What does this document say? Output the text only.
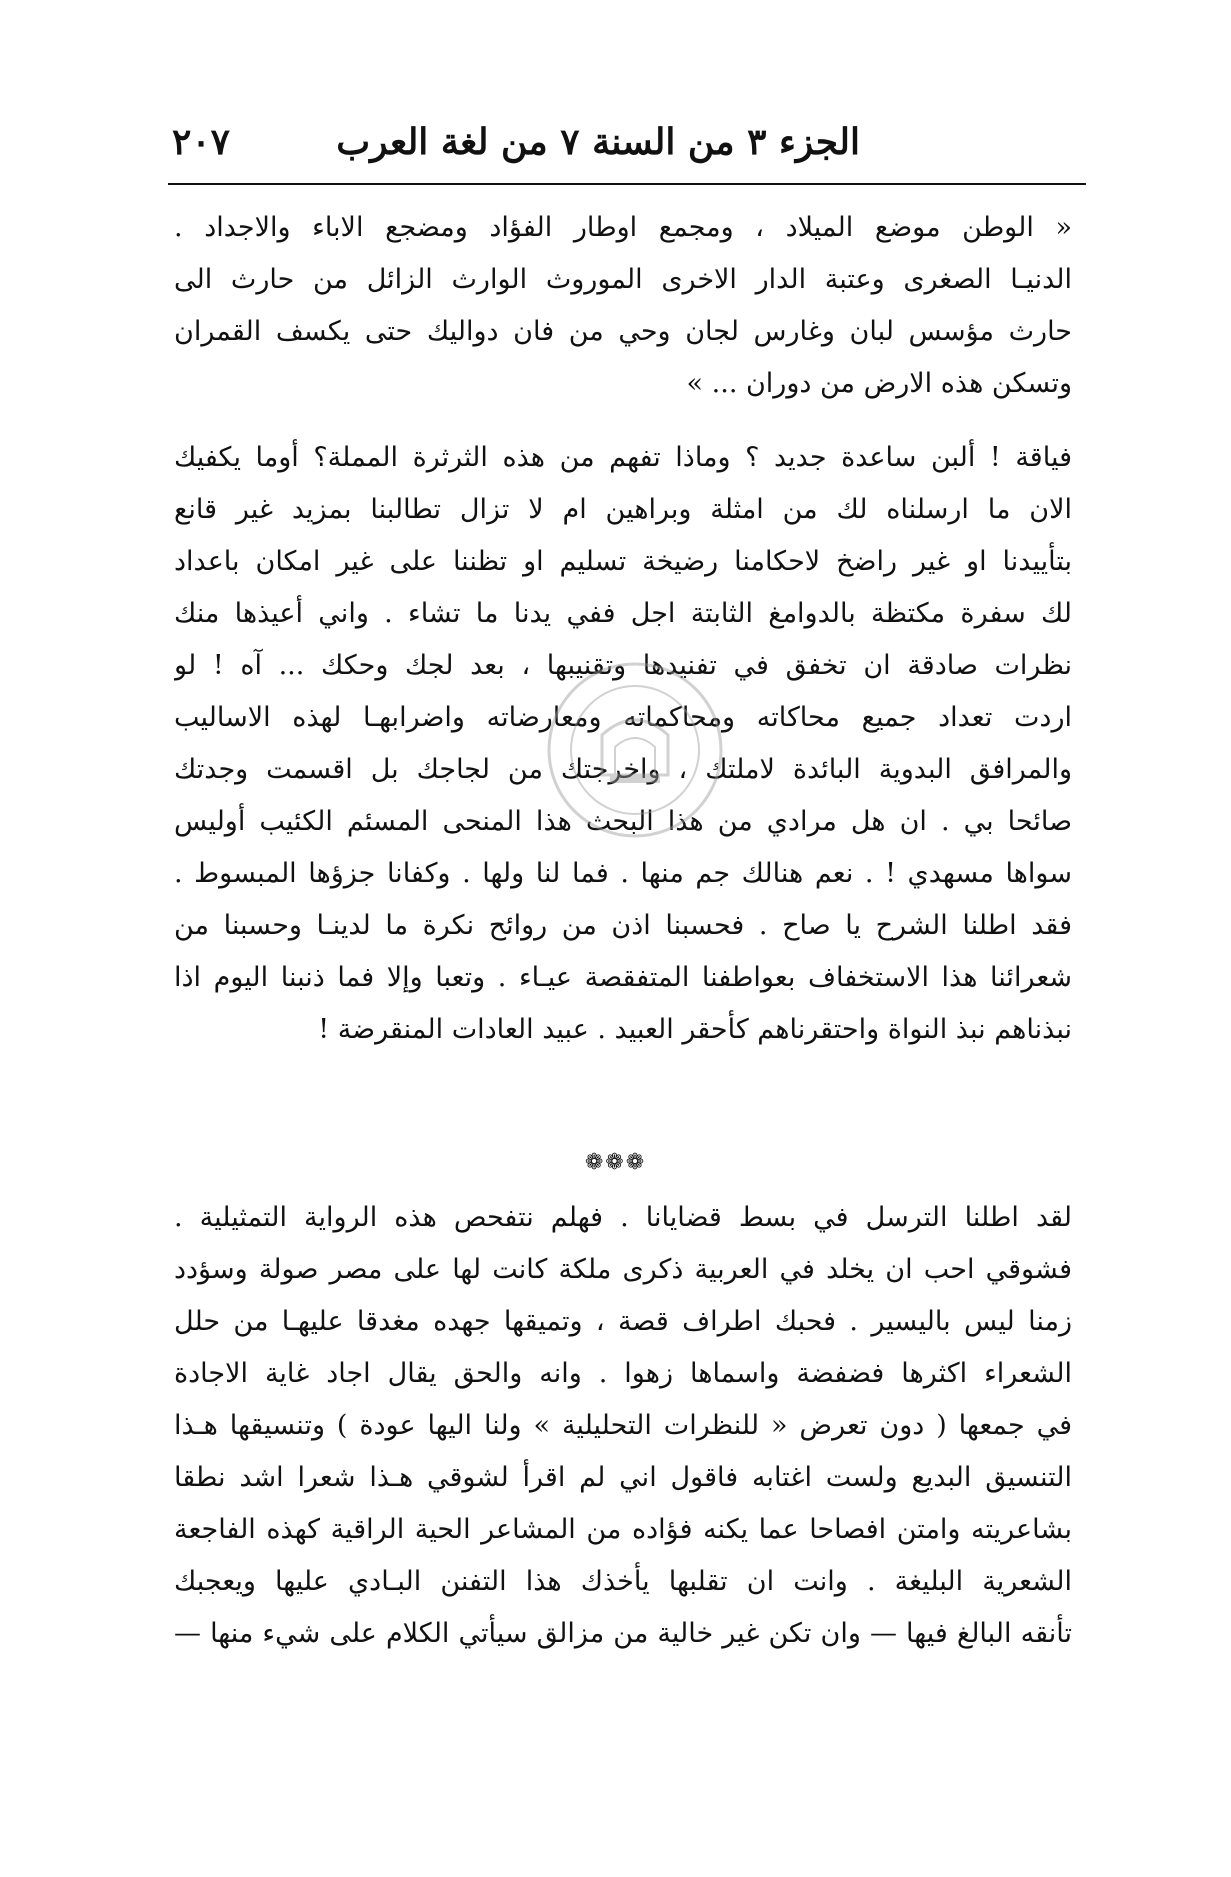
الجزء ٣ من السنة ٧ من لغة العرب
٢٠٧
« الوطن موضع الميلاد ، ومجمع اوطار الفؤاد ومضجع الاباء والاجداد .
الدنيـا الصغرى وعتبة الدار الاخرى الموروث الوارث الزائل من حارث الى
حارث مؤسس لبان وغارس لجان وحي من فان دواليك حتى يكسف القمران
وتسكن هذه الارض من دوران ... »
فياقة ! ألبن ساعدة جديد ؟ وماذا تفهم من هذه الثرثرة المملة؟ أوما يكفيك
الان ما ارسلناه لك من امثلة وبراهين ام لا تزال تطالبنا بمزيد غير قانع
بتأييدنا او غير راضخ لاحكامنا رضيخة تسليم او تظننا على غير امكان باعداد
لك سفرة مكتظة بالدوامغ الثابتة اجل ففي يدنا ما تشاء . واني أعيذها منك
نظرات صادقة ان تخفق في تفنيدها وتقنيبها ، بعد لجك وحكك ... آه ! لو
اردت تعداد جميع محاكاته ومحاكماته ومعارضاته واضرابهـا لهذه الاساليب
والمرافق البدوية البائدة لاملتك ، واخرجتك من لجاجك بل اقسمت وجدتك
صائحا بي . ان هل مرادي من هذا البحث هذا المنحى المسئم الكئيب أوليس
سواها مسهدي ! . نعم هنالك جم منها . فما لنا ولها . وكفانا جزؤها المبسوط .
فقد اطلنا الشرح يا صاح . فحسبنا اذن من روائح نكرة ما لدينـا وحسبنا من
شعرائنا هذا الاستخفاف بعواطفنا المتفقصة عيـاء . وتعبا وإلا فما ذنبنا اليوم اذا
نبذناهم نبذ النواة واحتقرناهم كأحقر العبيد . عبيد العادات المنقرضة !
❁❁❁
لقد اطلنا الترسل في بسط قضايانا . فهلم نتفحص هذه الرواية التمثيلية .
فشوقي احب ان يخلد في العربية ذكرى ملكة كانت لها على مصر صولة وسؤدد
زمنا ليس باليسير . فحبك اطراف قصة ، وتميقها جهده مغدقا عليهـا من حلل
الشعراء اكثرها فضفضة واسماها زهوا . وانه والحق يقال اجاد غاية الاجادة
في جمعها ( دون تعرض « للنظرات التحليلية » ولنا اليها عودة ) وتنسيقها هـذا
التنسيق البديع ولست اغتابه فاقول اني لم اقرأ لشوقي هـذا شعرا اشد نطقا
بشاعريته وامتن افصاحا عما يكنه فؤاده من المشاعر الحية الراقية كهذه الفاجعة
الشعرية البليغة . وانت ان تقلبها يأخذك هذا التفنن البـادي عليها ويعجبك
تأنقه البالغ فيها — وان تكن غير خالية من مزالق سيأتي الكلام على شيء منها —
